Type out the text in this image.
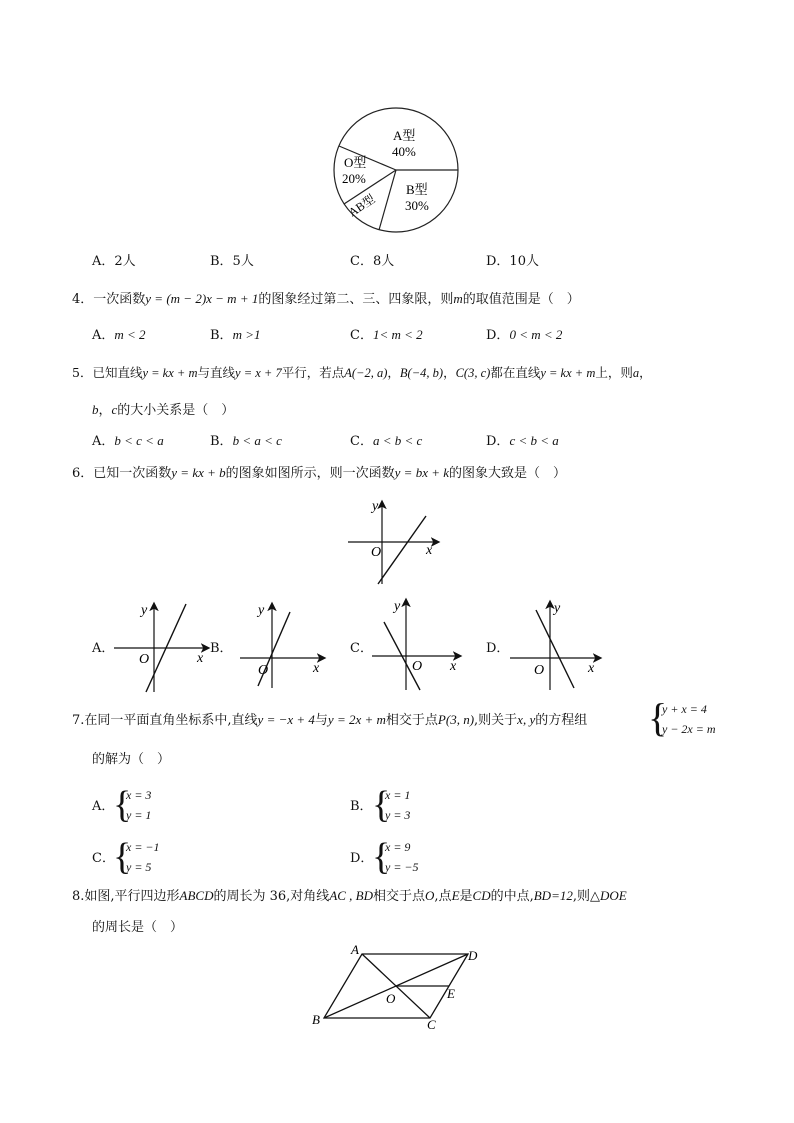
A型
40%
B型
30%
O型
20%
AB型
A．2人	B．5人	C．8人	D．10人
4．一次函数y = (m − 2)x − m + 1的图象经过第二、三、四象限，则m的取值范围是（　）
A．m < 2	B．m >1	C．1< m < 2	D．0 < m < 2
5．已知直线y = kx + m与直线y = x + 7平行，若点A(−2, a)，B(−4, b)，C(3, c)都在直线y = kx + m上，则a，
b，c的大小关系是（　）
A．b < c < a	B．b < a < c	C．a < b < c	D．c < b < a
6．已知一次函数y = kx + b的图象如图所示，则一次函数y = bx + k的图象大致是（　）
y
x
O
A．
y
x
O
B．
y
x
O
C．
y
x
O
D．
y
x
O
7.在同一平面直角坐标系中,直线y = −x + 4与y = 2x + m相交于点P(3, n),则关于x, y的方程组 {
y + x = 4
y − 2x = m
的解为（　）
A．
{
x = 3
y = 1
B． {
x = 1
y = 3
C．
{
x = −1
y = 5
D．
{
x = 9
y = −5
8.如图,平行四边形ABCD的周长为 36,对角线AC , BD相交于点O,点E是CD的中点,BD=12,则△DOE
的周长是（　）
A	D
B	C
O	E
